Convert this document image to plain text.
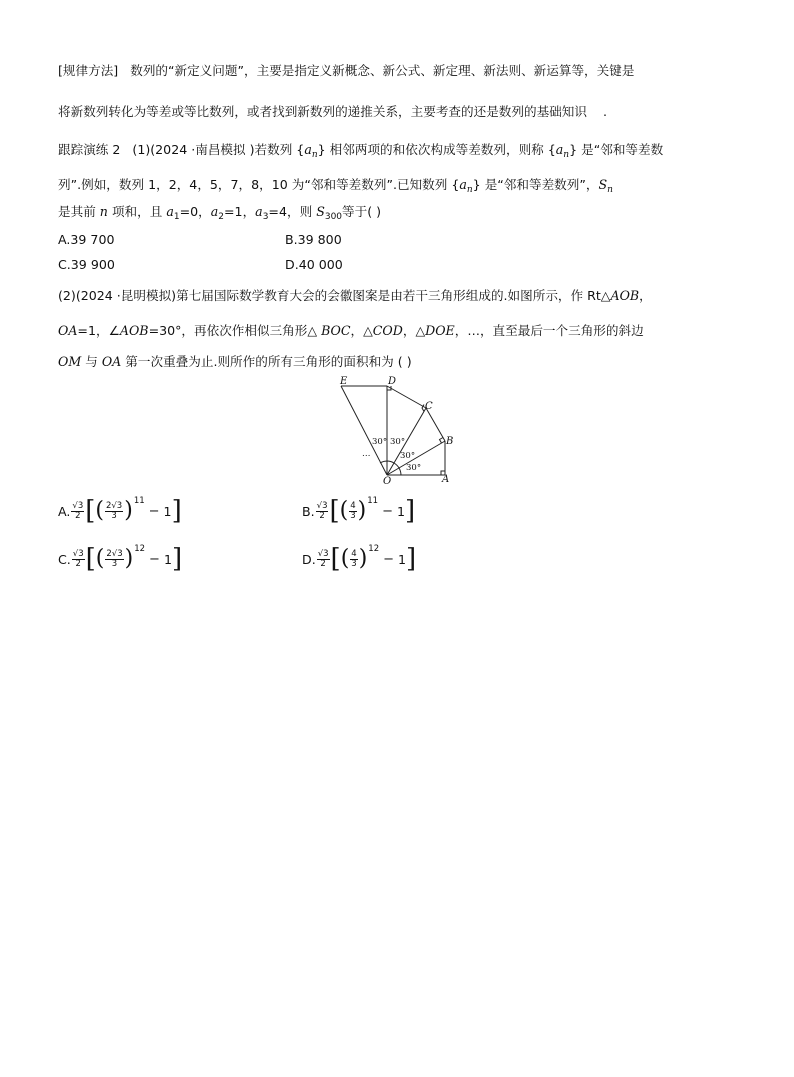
[规律方法] 数列的“新定义问题”，主要是指定义新概念、新公式、新定理、新法则、新运算等，关键是
将新数列转化为等差或等比数列，或者找到新数列的递推关系，主要考查的还是数列的基础知识 .
跟踪演练 2 (1)(2024 ·南昌模拟 )若数列 $\{a_n\}$ 相邻两项的和依次构成等差数列，则称 $\{a_n\}$ 是“邻和等差数
列”.例如，数列 1，2，4，5，7，8，10 为“邻和等差数列”.已知数列 $\{a_n\}$ 是“邻和等差数列”，$S_n$
是其前 n 项和，且 $a_1=0$，$a_2=1$，$a_3=4$，则 $S_{300}$等于( )
A.39 700	B.39 800
C.39 900	D.40 000
(2)(2024 ·昆明模拟)第七届国际数学教育大会的会徽图案是由若干三角形组成的.如图所示，作 Rt△AOB，
OA=1，∠AOB=30°，再依次作相似三角形△ BOC，△COD，△DOE，…，直至最后一个三角形的斜边
OM 与 OA 第一次重叠为止.则所作的所有三角形的面积和为 ( )
E	D
C
B
A
O
30° 30°
30°
30°
…
A. $\frac{√3}{2}$ [ ( $\frac{2√3}{3}$ ) 11
− 1 ]	B. $\frac{√3}{2}$ [ ( $\frac{4}{3}$ ) 11
− 1 ]
C. $\frac{√3}{2}$ [ ( $\frac{2√3}{3}$ ) 12
− 1 ]	D. $\frac{√3}{2}$ [ ( $\frac{4}{3}$ ) 12
− 1 ]
